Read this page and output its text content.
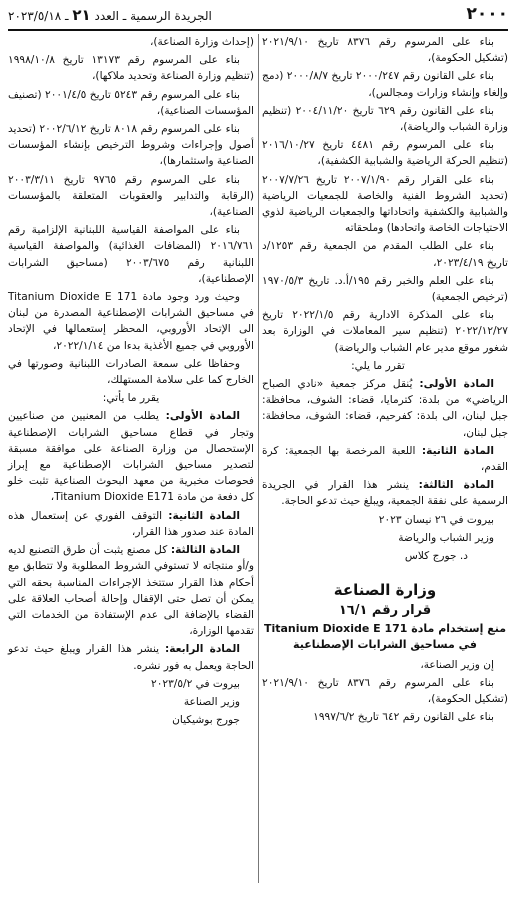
٢٠٠٠
الجريدة الرسمية ـ العدد ٢١ ـ ٢٠٢٣/٥/١٨

بناء على المرسوم رقم ٨٣٧٦ تاريخ ٢٠٢١/٩/١٠ (تشكيل الحكومة)،

بناء على القانون رقم ٢٠٠٠/٢٤٧ تاريخ ٢٠٠٠/٨/٧ (دمج وإلغاء وإنشاء وزارات ومجالس)،

بناء على القانون رقم ٦٢٩ تاريخ ٢٠٠٤/١١/٢٠ (تنظيم وزارة الشباب والرياضة)،

بناء على المرسوم رقم ٤٤٨١ تاريخ ٢٠١٦/١٠/٢٧ (تنظيم الحركة الرياضية والشبابية الكشفية)،

بناء على القرار رقم ٢٠٠٧/١/٩٠ تاريخ ٢٠٠٧/٧/٢٦ (تحديد الشروط الفنية والخاصة للجمعيات الرياضية والشبابية والكشفية واتحاداتها والجمعيات الرياضية لذوي الاحتياجات الخاصة واتحادها) وملحقاته

بناء على الطلب المقدم من الجمعية رقم ١٢٥٣/د تاريخ ٢٠٢٣/٤/١٩،

بناء على العلم والخبر رقم ١٩٥/أ.د. تاريخ ١٩٧٠/٥/٣ (ترخيص الجمعية)

بناء على المذكرة الادارية رقم ٢٠٢٢/١/٥ تاريخ ٢٠٢٢/١٢/٢٧ (تنظيم سير المعاملات في الوزارة بعد شغور موقع مدير عام الشباب والرياضة)

تقرر ما يلي:

المادة الأولى: يُنقل مركز جمعية «نادي الصباح الرياضي» من بلدة: كترمايا، قضاء: الشوف، محافظة: جبل لبنان، الى بلدة: كفرحيم، قضاء: الشوف، محافظة: جبل لبنان،

المادة الثانية: اللعبة المرخصة بها الجمعية: كرة القدم،

المادة الثالثة: ينشر هذا القرار في الجريدة الرسمية على نفقة الجمعية، ويبلغ حيث تدعو الحاجة.

بيروت في ٢٦ نيسان ٢٠٢٣

وزير الشباب والرياضة

د. جورج كلاس

وزارة الصناعة
قرار رقم ١٦/١
منع إستخدام مادة Titanium Dioxide E 171
في مساحيق الشرابات الإصطناعية

إن وزير الصناعة،

بناء على المرسوم رقم ٨٣٧٦ تاريخ ٢٠٢١/٩/١٠ (تشكيل الحكومة)،

بناء على القانون رقم ٦٤٢ تاريخ ١٩٩٧/٦/٢

(إحداث وزارة الصناعة)،

بناء على المرسوم رقم ١٣١٧٣ تاريخ ١٩٩٨/١٠/٨ (تنظيم وزارة الصناعة وتحديد ملاكها)،

بناء على المرسوم رقم ٥٢٤٣ تاريخ ٢٠٠١/٤/٥ (تصنيف المؤسسات الصناعية)،

بناء على المرسوم رقم ٨٠١٨ تاريخ ٢٠٠٢/٦/١٢ (تحديد أصول وإجراءات وشروط الترخيص بإنشاء المؤسسات الصناعية واستثمارها)،

بناء على المرسوم رقم ٩٧٦٥ تاريخ ٢٠٠٣/٣/١١ (الرقابة والتدابير والعقوبات المتعلقة بالمؤسسات الصناعية)،

بناء على المواصفة القياسية اللبنانية الإلزامية رقم ٢٠١٦/٧٦١ (المضافات الغذائية) والمواصفة القياسية اللبنانية رقم ٢٠٠٣/٦٧٥ (مساحيق الشرابات الإصطناعية)،

وحيث ورد وجود مادة Titanium Dioxide E 171 في مساحيق الشرابات الإصطناعية المصدرة من لبنان الى الإتحاد الأوروبي، المحظر إستعمالها في الإتحاد الأوروبي في جميع الأغذية بدءا من ٢٠٢٢/١/١٤،

وحفاظا على سمعة الصادرات اللبنانية وصورتها في الخارج كما على سلامة المستهلك،

يقرر ما يأتي:

المادة الأولى: يطلب من المعنيين من صناعيين وتجار في قطاع مساحيق الشرابات الإصطناعية الإستحصال من وزارة الصناعة على موافقة مسبقة لتصدير مساحيق الشرابات الإصطناعية مع إبراز فحوصات مخبرية من معهد البحوث الصناعية تثبت خلو كل دفعة من مادة Titanium Dioxide E171،

المادة الثانية: التوقف الفوري عن إستعمال هذه المادة عند صدور هذا القرار،

المادة الثالثة: كل مصنع يثبت أن طرق التصنيع لديه و/أو منتجاته لا تستوفي الشروط المطلوبة ولا تتطابق مع أحكام هذا القرار ستتخذ الإجراءات المناسبة بحقه التي يمكن أن تصل حتى الإقفال وإحالة أصحاب العلاقة على القضاء بالإضافة الى عدم الإستفادة من الخدمات التي تقدمها الوزارة،

المادة الرابعة: ينشر هذا القرار ويبلغ حيث تدعو الحاجة ويعمل به فور نشره.

بيروت في ٢٠٢٣/٥/٢

وزير الصناعة

جورج بوشيكيان
